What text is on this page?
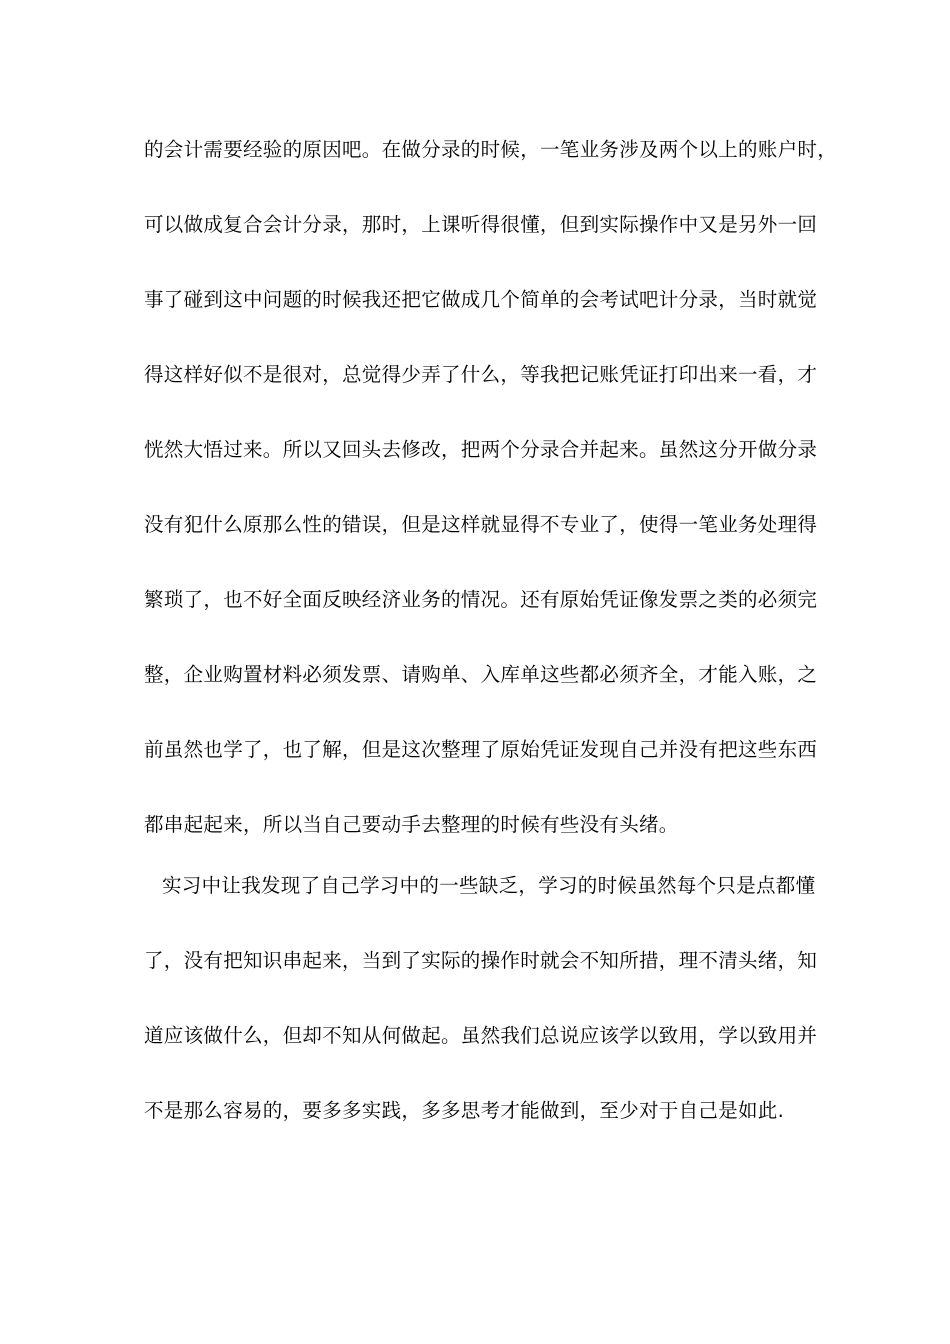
的会计需要经验的原因吧。在做分录的时候，一笔业务涉及两个以上的账户时，
可以做成复合会计分录，那时，上课听得很懂，但到实际操作中又是另外一回
事了碰到这中问题的时候我还把它做成几个简单的会考试吧计分录，当时就觉
得这样好似不是很对，总觉得少弄了什么，等我把记账凭证打印出来一看，才
恍然大悟过来。所以又回头去修改，把两个分录合并起来。虽然这分开做分录
没有犯什么原那么性的错误，但是这样就显得不专业了，使得一笔业务处理得
繁琐了，也不好全面反映经济业务的情况。还有原始凭证像发票之类的必须完
整，企业购置材料必须发票、请购单、入库单这些都必须齐全，才能入账，之
前虽然也学了，也了解，但是这次整理了原始凭证发现自己并没有把这些东西
都串起起来，所以当自己要动手去整理的时候有些没有头绪。
实习中让我发现了自己学习中的一些缺乏，学习的时候虽然每个只是点都懂
了，没有把知识串起来，当到了实际的操作时就会不知所措，理不清头绪，知
道应该做什么，但却不知从何做起。虽然我们总说应该学以致用，学以致用并
不是那么容易的，要多多实践，多多思考才能做到，至少对于自己是如此.
